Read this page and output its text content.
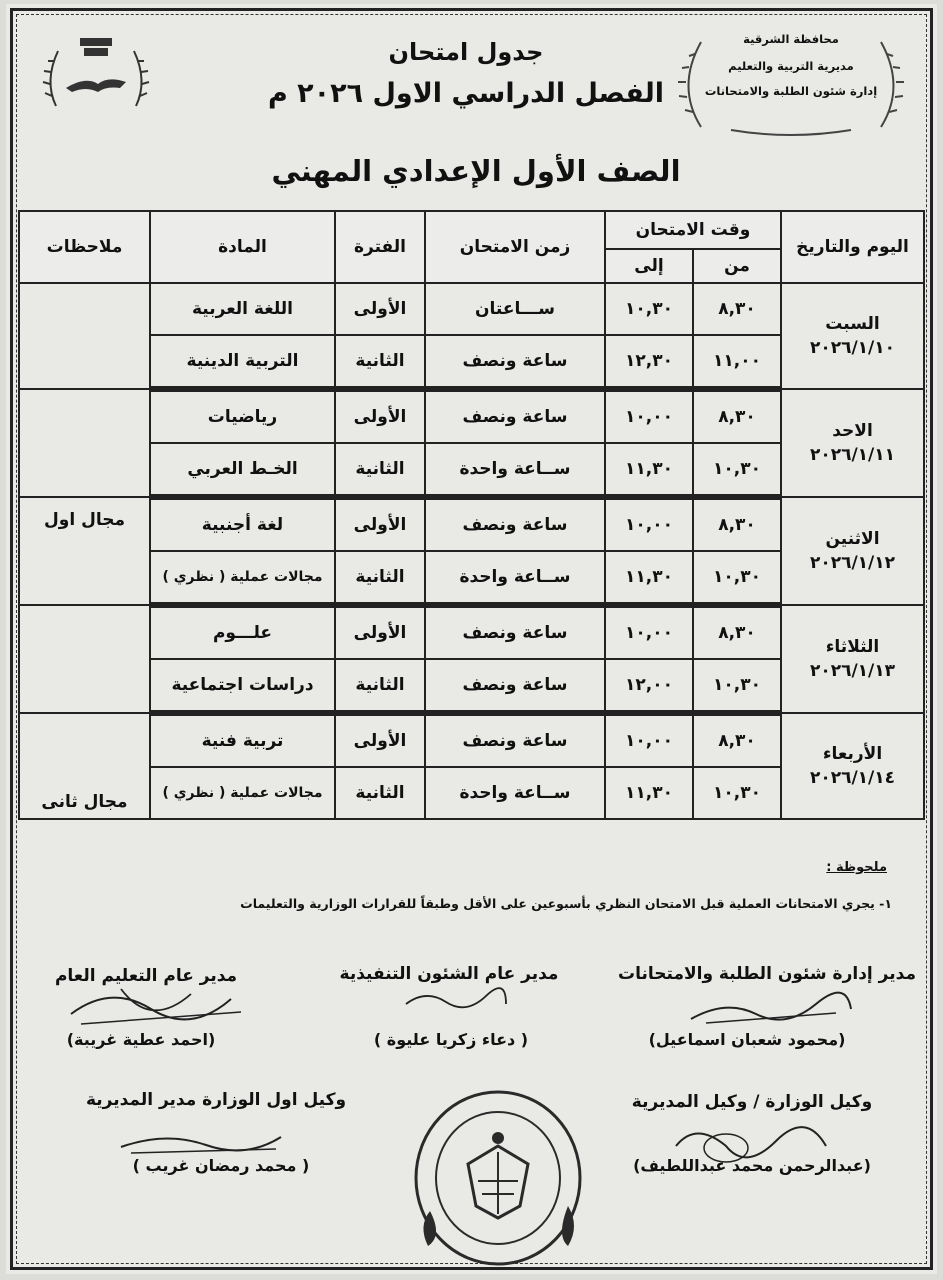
محافظة الشرقية
مديرية التربية والتعليم
إدارة شئون الطلبة والامتحانات
جدول امتحان
الفصل الدراسي الاول ٢٠٢٦ م
الصف الأول الإعدادي المهني
اليوم والتاريخ	وقت الامتحان		زمن الامتحان	الفترة	المادة	ملاحظات
	من	إلى				

السبت
٢٠٢٦/١/١٠	٨,٣٠	١٠,٣٠	ســـاعتان	الأولى	اللغة العربية	
	١١,٠٠	١٢,٣٠	ساعة ونصف	الثانية	التربية الدينية	

الاحد
٢٠٢٦/١/١١	٨,٣٠	١٠,٠٠	ساعة ونصف	الأولى	رياضيات	
	١٠,٣٠	١١,٣٠	ســاعة واحدة	الثانية	الخـط العربي	

الاثنين
٢٠٢٦/١/١٢	٨,٣٠	١٠,٠٠	ساعة ونصف	الأولى	لغة أجنبية	مجال اول
	١٠,٣٠	١١,٣٠	ســاعة واحدة	الثانية	مجالات عملية ( نظري )	

الثلاثاء
٢٠٢٦/١/١٣	٨,٣٠	١٠,٠٠	ساعة ونصف	الأولى	علـــوم	
	١٠,٣٠	١٢,٠٠	ساعة ونصف	الثانية	دراسات اجتماعية	

الأربعاء
٢٠٢٦/١/١٤	٨,٣٠	١٠,٠٠	ساعة ونصف	الأولى	تربية فنية	مجال ثانى
	١٠,٣٠	١١,٣٠	ســاعة واحدة	الثانية	مجالات عملية ( نظري )	
ملحوظة :
١- يجري الامتحانات العملية قبل الامتحان النظري بأسبوعين على الأقل وطبقاً للقرارات الوزارية والتعليمات
مدير إدارة شئون الطلبة والامتحانات
مدير عام الشئون التنفيذية
مدير عام التعليم العام
(محمود شعبان اسماعيل)
( دعاء زكريا عليوة )
(احمد عطية غريبة)
وكيل الوزارة / وكيل المديرية
وكيل اول الوزارة مدير المديرية
(عبدالرحمن محمد عبداللطيف)
( محمد رمضان غريب )
